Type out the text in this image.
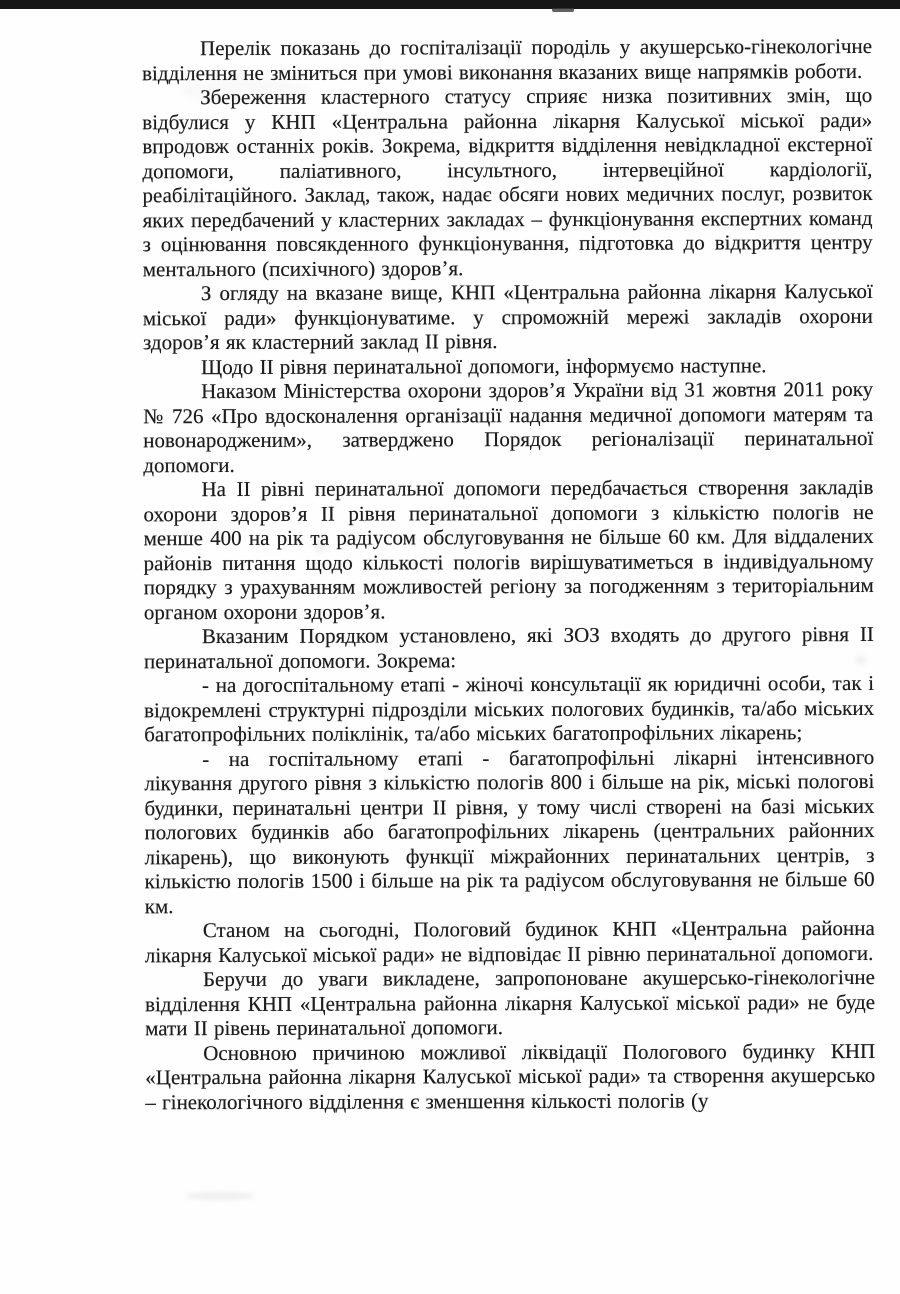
Перелік показань до госпіталізації породіль у акушерсько-гінекологічне відділення не зміниться при умові виконання вказаних вище напрямків роботи.

Збереження кластерного статусу сприяє низка позитивних змін, що відбулися у КНП «Центральна районна лікарня Калуської міської ради» впродовж останніх років. Зокрема, відкриття відділення невідкладної екстерної допомоги, паліативного, інсультного, інтервеційної кардіології, реабілітаційного. Заклад, також, надає обсяги нових медичних послуг, розвиток яких передбачений у кластерних закладах – функціонування експертних команд з оцінювання повсякденного функціонування, підготовка до відкриття центру ментального (психічного) здоров’я.

З огляду на вказане вище, КНП «Центральна районна лікарня Калуської міської ради» функціонуватиме. у спроможній мережі закладів охорони здоров’я як кластерний заклад ІІ рівня.

Щодо ІІ рівня перинатальної допомоги, інформуємо наступне.

Наказом Міністерства охорони здоров’я України від 31 жовтня 2011 року № 726 «Про вдосконалення організації надання медичної допомоги матерям та новонародженим», затверджено Порядок регіоналізації перинатальної допомоги.

На ІІ рівні перинатальної допомоги передбачається створення закладів охорони здоров’я ІІ рівня перинатальної допомоги з кількістю пологів не менше 400 на рік та радіусом обслуговування не більше 60 км. Для віддалених районів питання щодо кількості пологів вирішуватиметься в індивідуальному порядку з урахуванням можливостей регіону за погодженням з територіальним органом охорони здоров’я.

Вказаним Порядком установлено, які ЗОЗ входять до другого рівня ІІ перинатальної допомоги. Зокрема:

- на догоспітальному етапі - жіночі консультації як юридичні особи, так і відокремлені структурні підрозділи міських пологових будинків, та/або міських багатопрофільних поліклінік, та/або міських багатопрофільних лікарень;

- на госпітальному етапі - багатопрофільні лікарні інтенсивного лікування другого рівня з кількістю пологів 800 і більше на рік, міські пологові будинки, перинатальні центри ІІ рівня, у тому числі створені на базі міських пологових будинків або багатопрофільних лікарень (центральних районних лікарень), що виконують функції міжрайонних перинатальних центрів, з кількістю пологів 1500 і більше на рік та радіусом обслуговування не більше 60 км.

Станом на сьогодні, Пологовий будинок КНП «Центральна районна лікарня Калуської міської ради» не відповідає ІІ рівню перинатальної допомоги.

Беручи до уваги викладене, запропоноване акушерсько-гінекологічне відділення КНП «Центральна районна лікарня Калуської міської ради» не буде мати ІІ рівень перинатальної допомоги.

Основною причиною можливої ліквідації Пологового будинку КНП «Центральна районна лікарня Калуської міської ради» та створення акушерсько – гінекологічного відділення є зменшення кількості пологів (у
